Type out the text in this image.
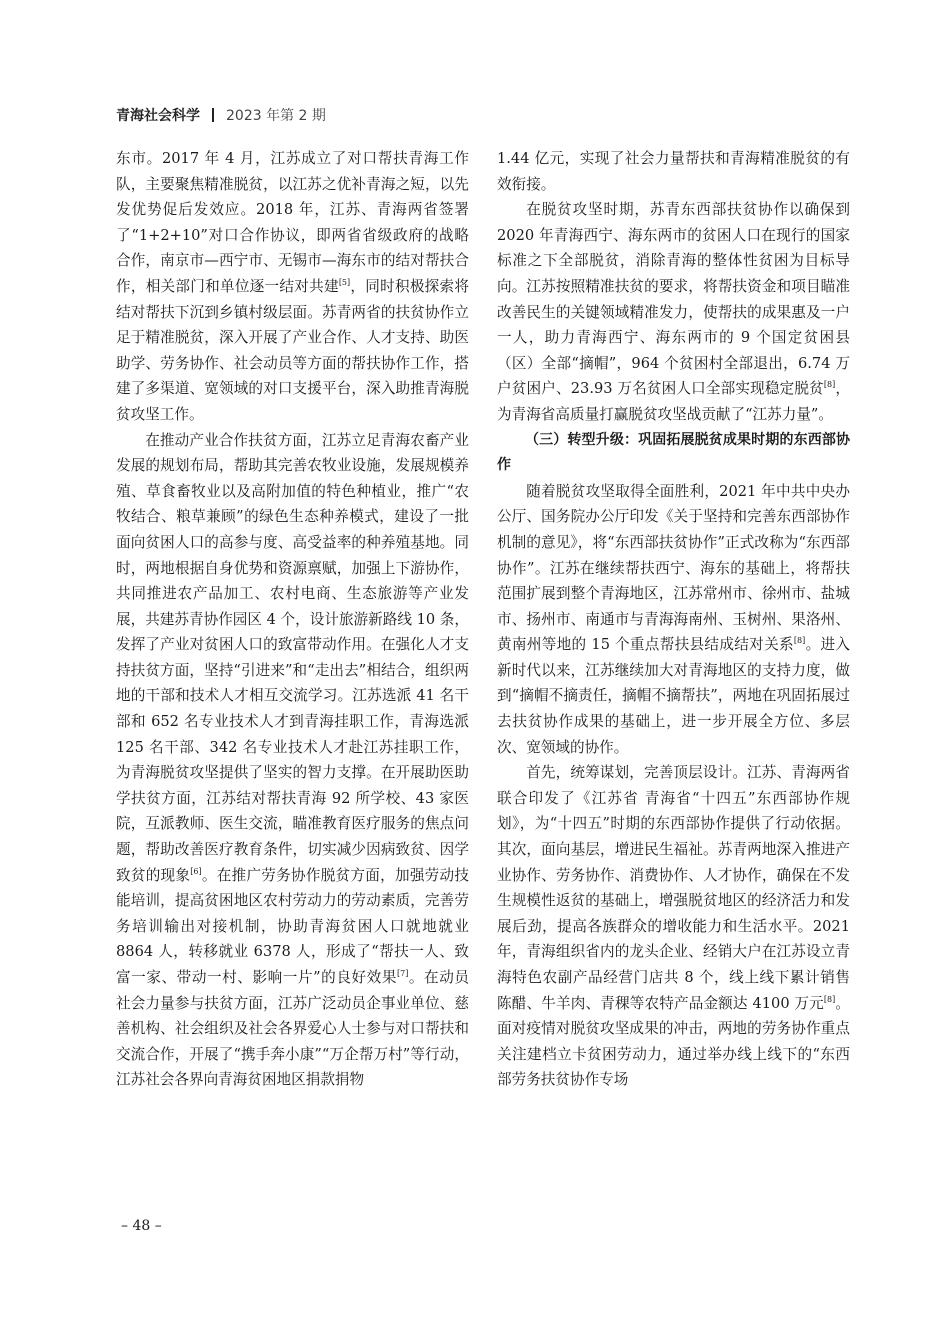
青海社会科学 2023 年第 2 期

东市。2017 年 4 月，江苏成立了对口帮扶青海工作队，主要聚焦精准脱贫，以江苏之优补青海之短，以先发优势促后发效应。2018 年，江苏、青海两省签署了“1+2+10”对口合作协议，即两省省级政府的战略合作，南京市—西宁市、无锡市—海东市的结对帮扶合作，相关部门和单位逐一结对共建[5]，同时积极探索将结对帮扶下沉到乡镇村级层面。苏青两省的扶贫协作立足于精准脱贫，深入开展了产业合作、人才支持、助医助学、劳务协作、社会动员等方面的帮扶协作工作，搭建了多渠道、宽领域的对口支援平台，深入助推青海脱贫攻坚工作。

在推动产业合作扶贫方面，江苏立足青海农畜产业发展的规划布局，帮助其完善农牧业设施，发展规模养殖、草食畜牧业以及高附加值的特色种植业，推广“农牧结合、粮草兼顾”的绿色生态种养模式，建设了一批面向贫困人口的高参与度、高受益率的种养殖基地。同时，两地根据自身优势和资源禀赋，加强上下游协作，共同推进农产品加工、农村电商、生态旅游等产业发展，共建苏青协作园区 4 个，设计旅游新路线 10 条，发挥了产业对贫困人口的致富带动作用。在强化人才支持扶贫方面，坚持“引进来”和“走出去”相结合，组织两地的干部和技术人才相互交流学习。江苏选派 41 名干部和 652 名专业技术人才到青海挂职工作，青海选派 125 名干部、342 名专业技术人才赴江苏挂职工作，为青海脱贫攻坚提供了坚实的智力支撑。在开展助医助学扶贫方面，江苏结对帮扶青海 92 所学校、43 家医院，互派教师、医生交流，瞄准教育医疗服务的焦点问题，帮助改善医疗教育条件，切实减少因病致贫、因学致贫的现象[6]。在推广劳务协作脱贫方面，加强劳动技能培训，提高贫困地区农村劳动力的劳动素质，完善劳务培训输出对接机制，协助青海贫困人口就地就业 8864 人，转移就业 6378 人，形成了“帮扶一人、致富一家、带动一村、影响一片”的良好效果[7]。在动员社会力量参与扶贫方面，江苏广泛动员企事业单位、慈善机构、社会组织及社会各界爱心人士参与对口帮扶和交流合作，开展了“携手奔小康”“万企帮万村”等行动，江苏社会各界向青海贫困地区捐款捐物

1.44 亿元，实现了社会力量帮扶和青海精准脱贫的有效衔接。

在脱贫攻坚时期，苏青东西部扶贫协作以确保到 2020 年青海西宁、海东两市的贫困人口在现行的国家标准之下全部脱贫，消除青海的整体性贫困为目标导向。江苏按照精准扶贫的要求，将帮扶资金和项目瞄准改善民生的关键领域精准发力，使帮扶的成果惠及一户一人，助力青海西宁、海东两市的 9 个国定贫困县（区）全部“摘帽”，964 个贫困村全部退出，6.74 万户贫困户、23.93 万名贫困人口全部实现稳定脱贫[8]，为青海省高质量打赢脱贫攻坚战贡献了“江苏力量”。

（三）转型升级：巩固拓展脱贫成果时期的东西部协作

随着脱贫攻坚取得全面胜利，2021 年中共中央办公厅、国务院办公厅印发《关于坚持和完善东西部协作机制的意见》，将“东西部扶贫协作”正式改称为“东西部协作”。江苏在继续帮扶西宁、海东的基础上，将帮扶范围扩展到整个青海地区，江苏常州市、徐州市、盐城市、扬州市、南通市与青海海南州、玉树州、果洛州、黄南州等地的 15 个重点帮扶县结成结对关系[8]。进入新时代以来，江苏继续加大对青海地区的支持力度，做到“摘帽不摘责任，摘帽不摘帮扶”，两地在巩固拓展过去扶贫协作成果的基础上，进一步开展全方位、多层次、宽领域的协作。

首先，统筹谋划，完善顶层设计。江苏、青海两省联合印发了《江苏省 青海省“十四五”东西部协作规划》，为“十四五”时期的东西部协作提供了行动依据。其次，面向基层，增进民生福祉。苏青两地深入推进产业协作、劳务协作、消费协作、人才协作，确保在不发生规模性返贫的基础上，增强脱贫地区的经济活力和发展后劲，提高各族群众的增收能力和生活水平。2021 年，青海组织省内的龙头企业、经销大户在江苏设立青海特色农副产品经营门店共 8 个，线上线下累计销售陈醋、牛羊肉、青稞等农特产品金额达 4100 万元[8]。面对疫情对脱贫攻坚成果的冲击，两地的劳务协作重点关注建档立卡贫困劳动力，通过举办线上线下的“东西部劳务扶贫协作专场

– 48 –
